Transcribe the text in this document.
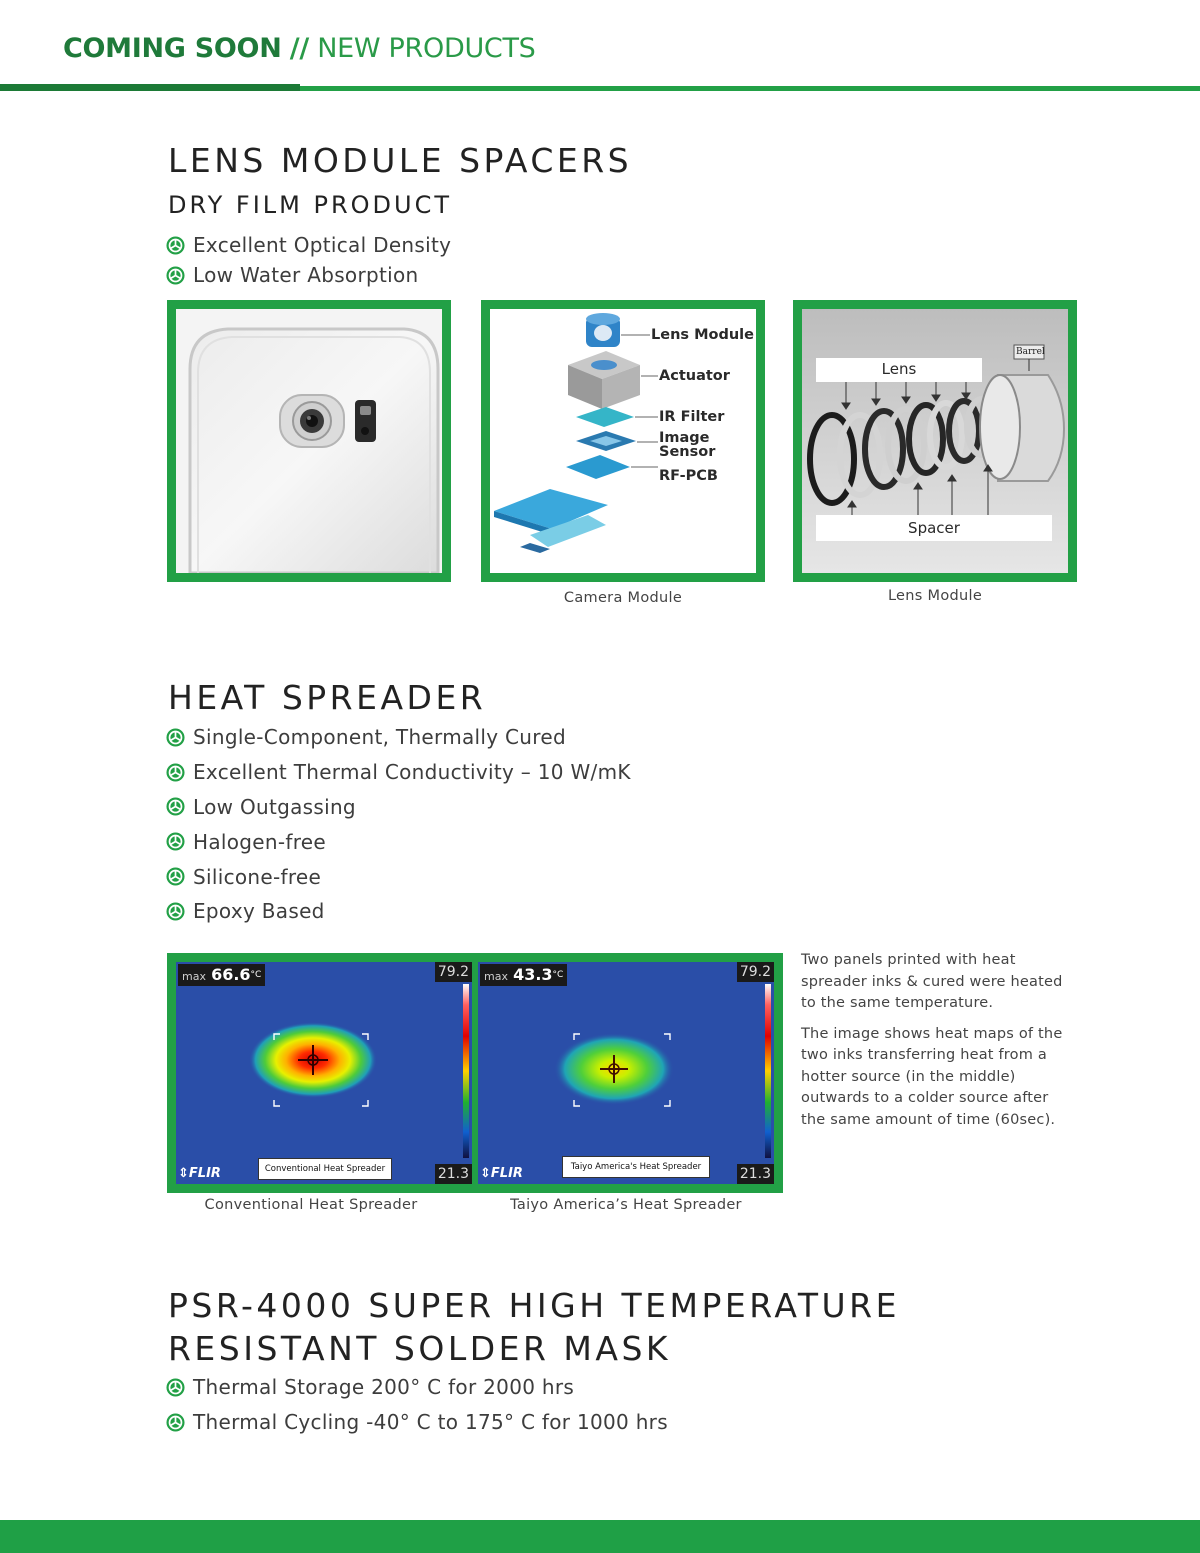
COMING SOON // NEW PRODUCTS
LENS MODULE SPACERS
DRY FILM PRODUCT
Excellent Optical Density
Low Water Absorption
Lens Module
Actuator
IR Filter
Image
Sensor
RF-PCB
Camera Module
Barrel
Lens
Spacer
Lens Module
HEAT SPREADER
Single-Component, Thermally Cured
Excellent Thermal Conductivity – 10 W/mK
Low Outgassing
Halogen-free
Silicone-free
Epoxy Based
$\max 66.6^{^\circ C}$	79.2
21.3
⇕FLIR	Conventional Heat Spreader
$\max 43.3^{^\circ C}$	79.2
21.3
⇕FLIR	Taiyo America's Heat Spreader
Conventional Heat Spreader	Taiyo America’s Heat Spreader

Two panels printed with heat spreader inks & cured were heated to the same temperature.

The image shows heat maps of the two inks transferring heat from a hotter source (in the middle) outwards to a colder source after the same amount of time (60sec).

PSR-4000 SUPER HIGH TEMPERATURE
RESISTANT SOLDER MASK
Thermal Storage 200° C for 2000 hrs
Thermal Cycling -40° C to 175° C for 1000 hrs
